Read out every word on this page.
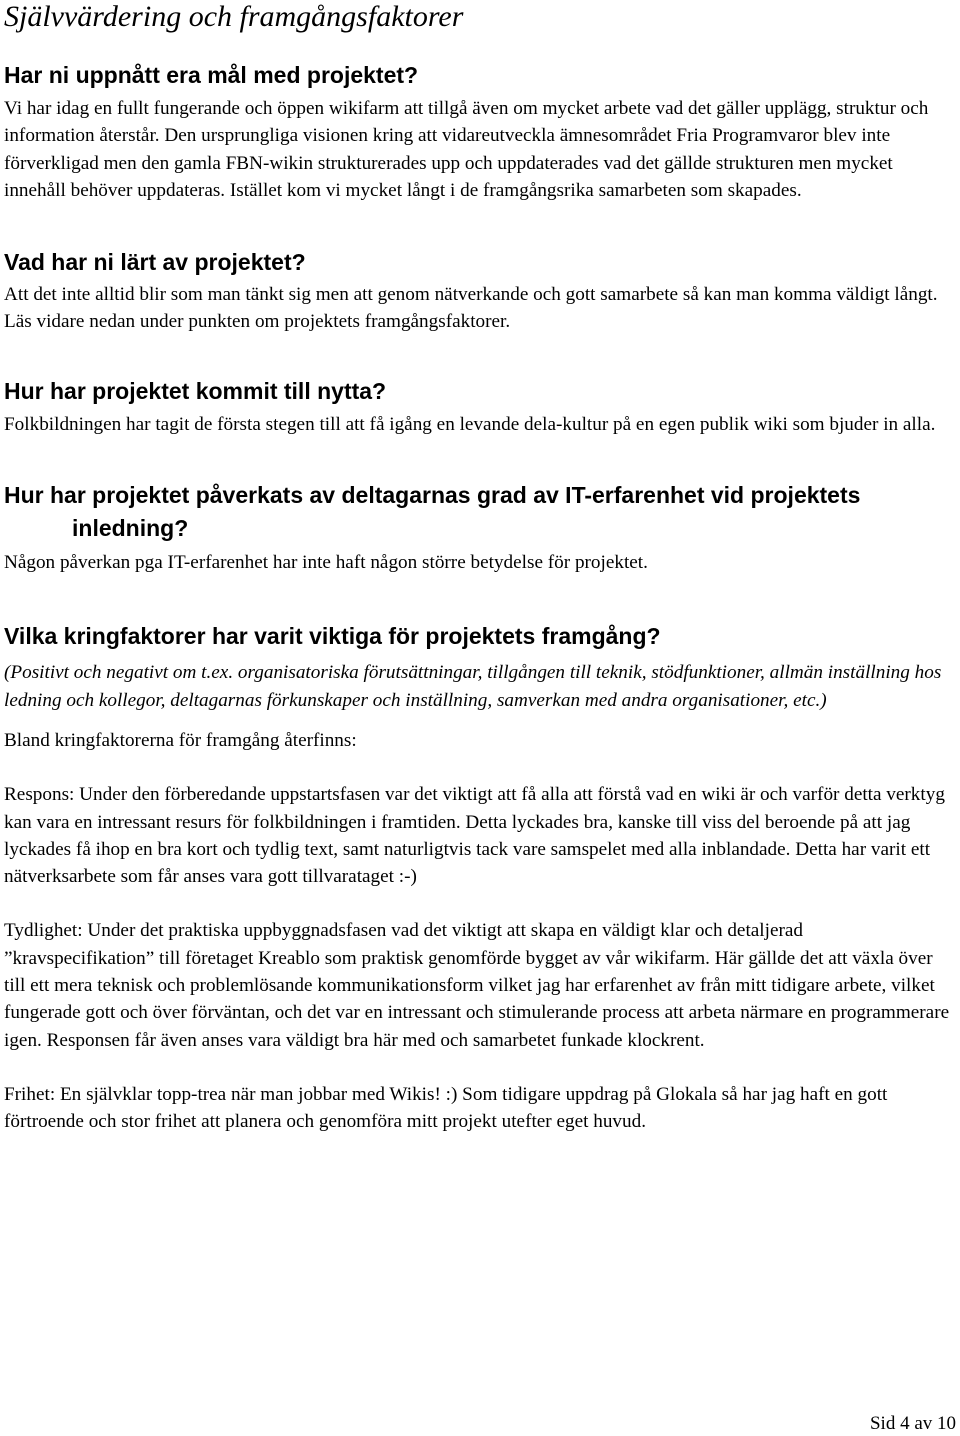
Självvärdering och framgångsfaktorer
Har ni uppnått era mål med projektet?

Vi har idag en fullt fungerande och öppen wikifarm att tillgå även om mycket arbete vad det gäller upplägg, struktur och information återstår. Den ursprungliga visionen kring att vidareutveckla ämnesområdet Fria Programvaror blev inte förverkligad men den gamla FBN-wikin strukturerades upp och uppdaterades vad det gällde strukturen men mycket innehåll behöver uppdateras. Istället kom vi mycket långt i de framgångsrika samarbeten som skapades.

Vad har ni lärt av projektet?

Att det inte alltid blir som man tänkt sig men att genom nätverkande och gott samarbete så kan man komma väldigt långt. Läs vidare nedan under punkten om projektets framgångsfaktorer.

Hur har projektet kommit till nytta?

Folkbildningen har tagit de första stegen till att få igång en levande dela-kultur på en egen publik wiki som bjuder in alla.

Hur har projektet påverkats av deltagarnas grad av IT-erfarenhet vid projektets inledning?

Någon påverkan pga IT-erfarenhet har inte haft någon större betydelse för projektet.

Vilka kringfaktorer har varit viktiga för projektets framgång?

(Positivt och negativt om t.ex. organisatoriska förutsättningar, tillgången till teknik, stödfunktioner, allmän inställning hos ledning och kollegor, deltagarnas förkunskaper och inställning, samverkan med andra organisationer, etc.)

Bland kringfaktorerna för framgång återfinns:

Respons: Under den förberedande uppstartsfasen var det viktigt att få alla att förstå vad en wiki är och varför detta verktyg kan vara en intressant resurs för folkbildningen i framtiden. Detta lyckades bra, kanske till viss del beroende på att jag lyckades få ihop en bra kort och tydlig text, samt naturligtvis tack vare samspelet med alla inblandade. Detta har varit ett nätverksarbete som får anses vara gott tillvarataget :-)

Tydlighet: Under det praktiska uppbyggnadsfasen vad det viktigt att skapa en väldigt klar och detaljerad ”kravspecifikation” till företaget Kreablo som praktisk genomförde bygget av vår wikifarm. Här gällde det att växla över till ett mera teknisk och problemlösande kommunikationsform vilket jag har erfarenhet av från mitt tidigare arbete, vilket fungerade gott och över förväntan, och det var en intressant och stimulerande process att arbeta närmare en programmerare igen. Responsen får även anses vara väldigt bra här med och samarbetet funkade klockrent.

Frihet: En självklar topp-trea när man jobbar med Wikis! :) Som tidigare uppdrag på Glokala så har jag haft en gott förtroende och stor frihet att planera och genomföra mitt projekt utefter eget huvud.

Sid 4 av 10
